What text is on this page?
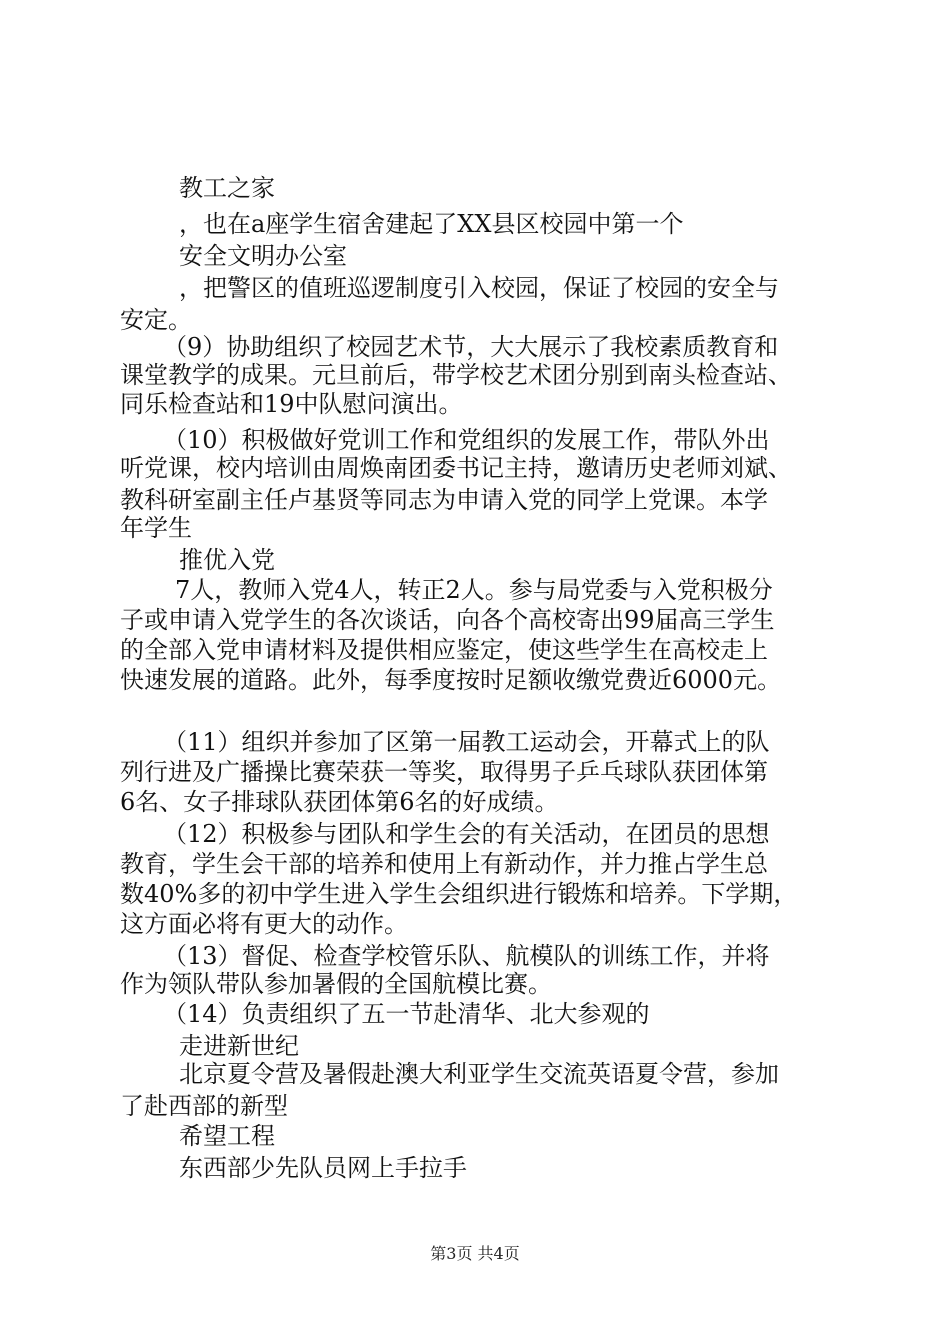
教工之家
，也在a座学生宿舍建起了XX县区校园中第一个
安全文明办公室
，把警区的值班巡逻制度引入校园，保证了校园的安全与
安定。
（9）协助组织了校园艺术节，大大展示了我校素质教育和
课堂教学的成果。元旦前后，带学校艺术团分别到南头检查站、
同乐检查站和19中队慰问演出。
（10）积极做好党训工作和党组织的发展工作，带队外出
听党课，校内培训由周焕南团委书记主持，邀请历史老师刘斌、
教科研室副主任卢基贤等同志为申请入党的同学上党课。本学
年学生
推优入党
7人，教师入党4人，转正2人。参与局党委与入党积极分
子或申请入党学生的各次谈话，向各个高校寄出99届高三学生
的全部入党申请材料及提供相应鉴定，使这些学生在高校走上
快速发展的道路。此外，每季度按时足额收缴党费近6000元。
（11）组织并参加了区第一届教工运动会，开幕式上的队
列行进及广播操比赛荣获一等奖，取得男子乒乓球队获团体第
6名、女子排球队获团体第6名的好成绩。
（12）积极参与团队和学生会的有关活动，在团员的思想
教育，学生会干部的培养和使用上有新动作，并力推占学生总
数40%多的初中学生进入学生会组织进行锻炼和培养。下学期，
这方面必将有更大的动作。
（13）督促、检查学校管乐队、航模队的训练工作，并将
作为领队带队参加暑假的全国航模比赛。
（14）负责组织了五一节赴清华、北大参观的
走进新世纪
北京夏令营及暑假赴澳大利亚学生交流英语夏令营，参加
了赴西部的新型
希望工程
东西部少先队员网上手拉手
第3页 共4页
